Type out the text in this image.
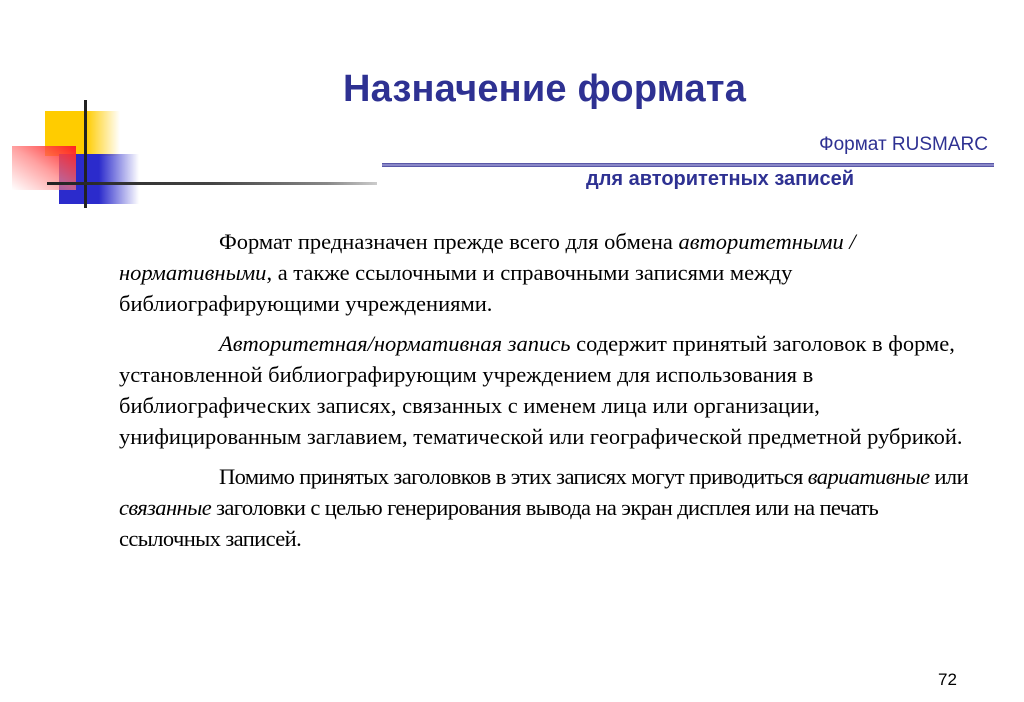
Назначение формата
Формат RUSMARC
для авторитетных записей

Формат предназначен прежде всего для обмена авторитетными / нормативными, а также ссылочными и справочными записями между библиографирующими учреждениями.

Авторитетная/нормативная запись содержит принятый заголовок в форме, установленной библиографирующим учреждением для использования в библиографических записях, связанных с именем лица или организации, унифицированным заглавием, тематической или географической предметной рубрикой.

Помимо принятых заголовков в этих записях могут приводиться вариативные или связанные заголовки с целью генерирования вывода на экран дисплея или на печать ссылочных записей.

72
